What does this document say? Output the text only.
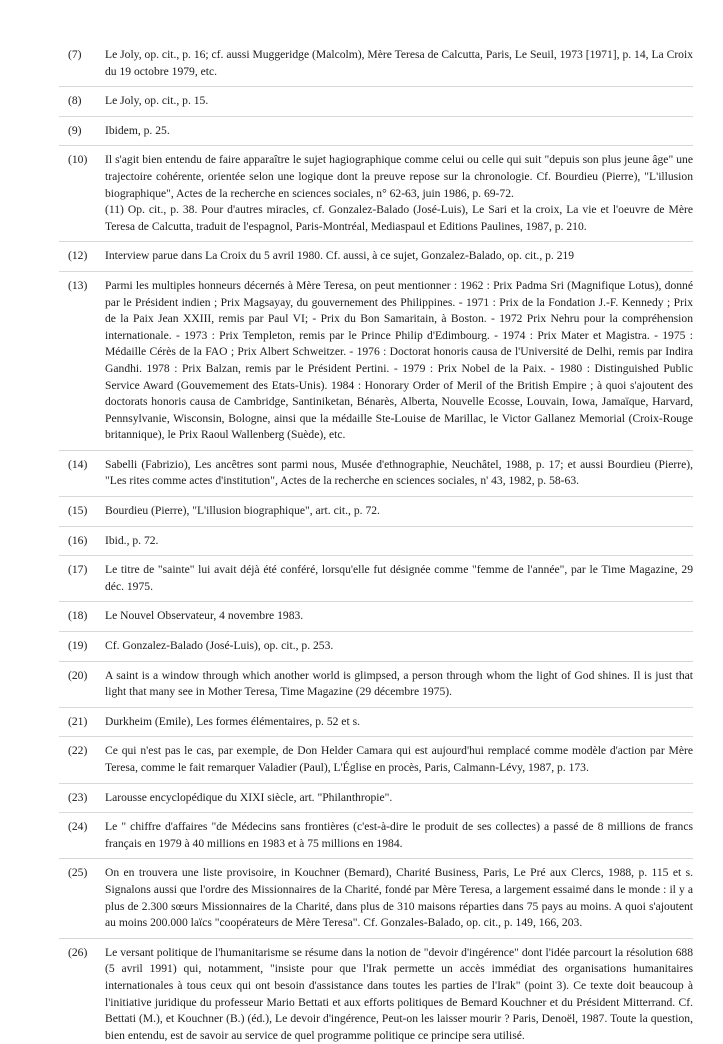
(7) Le Joly, op. cit., p. 16; cf. aussi Muggeridge (Malcolm), Mère Teresa de Calcutta, Paris, Le Seuil, 1973 [1971], p. 14, La Croix du 19 octobre 1979, etc.
(8) Le Joly, op. cit., p. 15.
(9) Ibidem, p. 25.
(10) Il s'agit bien entendu de faire apparaître le sujet hagiographique comme celui ou celle qui suit "depuis son plus jeune âge" une trajectoire cohérente, orientée selon une logique dont la preuve repose sur la chronologie. Cf. Bourdieu (Pierre), "L'illusion biographique", Actes de la recherche en sciences sociales, n° 62-63, juin 1986, p. 69-72.
(11) Op. cit., p. 38. Pour d'autres miracles, cf. Gonzalez-Balado (José-Luis), Le Sari et la croix, La vie et l'oeuvre de Mère Teresa de Calcutta, traduit de l'espagnol, Paris-Montréal, Mediaspaul et Editions Paulines, 1987, p. 210.
(12) Interview parue dans La Croix du 5 avril 1980. Cf. aussi, à ce sujet, Gonzalez-Balado, op. cit., p. 219
(13) Parmi les multiples honneurs décernés à Mère Teresa, on peut mentionner : 1962 : Prix Padma Sri (Magnifique Lotus), donné par le Président indien ; Prix Magsayay, du gouvernement des Philippines. - 1971 : Prix de la Fondation J.-F. Kennedy ; Prix de la Paix Jean XXIII, remis par Paul VI; - Prix du Bon Samaritain, à Boston. - 1972 Prix Nehru pour la compréhension internationale. - 1973 : Prix Templeton, remis par le Prince Philip d'Edimbourg. - 1974 : Prix Mater et Magistra. - 1975 : Médaille Cérès de la FAO ; Prix Albert Schweitzer. - 1976 : Doctorat honoris causa de l'Université de Delhi, remis par Indira Gandhi. 1978 : Prix Balzan, remis par le Président Pertini. - 1979 : Prix Nobel de la Paix. - 1980 : Distinguished Public Service Award (Gouvemement des Etats-Unis). 1984 : Honorary Order of Meril of the British Empire ; à quoi s'ajoutent des doctorats honoris causa de Cambridge, Santiniketan, Bénarès, Alberta, Nouvelle Ecosse, Louvain, Iowa, Jamaïque, Harvard, Pennsylvanie, Wisconsin, Bologne, ainsi que la médaille Ste-Louise de Marillac, le Victor Gallanez Memorial (Croix-Rouge britannique), le Prix Raoul Wallenberg (Suède), etc.
(14) Sabelli (Fabrizio), Les ancêtres sont parmi nous, Musée d'ethnographie, Neuchâtel, 1988, p. 17; et aussi Bourdieu (Pierre), "Les rites comme actes d'institution", Actes de la recherche en sciences sociales, n' 43, 1982, p. 58-63.
(15) Bourdieu (Pierre), "L'illusion biographique", art. cit., p. 72.
(16) Ibid., p. 72.
(17) Le titre de "sainte" lui avait déjà été conféré, lorsqu'elle fut désignée comme "femme de l'année", par le Time Magazine, 29 déc. 1975.
(18) Le Nouvel Observateur, 4 novembre 1983.
(19) Cf. Gonzalez-Balado (José-Luis), op. cit., p. 253.
(20) A saint is a window through which another world is glimpsed, a person through whom the light of God shines. Il is just that light that many see in Mother Teresa, Time Magazine (29 décembre 1975).
(21) Durkheim (Emile), Les formes élémentaires, p. 52 et s.
(22) Ce qui n'est pas le cas, par exemple, de Don Helder Camara qui est aujourd'hui remplacé comme modèle d'action par Mère Teresa, comme le fait remarquer Valadier (Paul), L'Église en procès, Paris, Calmann-Lévy, 1987, p. 173.
(23) Larousse encyclopédique du XIXI siècle, art. "Philanthropie".
(24) Le " chiffre d'affaires "de Médecins sans frontières (c'est-à-dire le produit de ses collectes) a passé de 8 millions de francs français en 1979 à 40 millions en 1983 et à 75 millions en 1984.
(25) On en trouvera une liste provisoire, in Kouchner (Bemard), Charité Business, Paris, Le Pré aux Clercs, 1988, p. 115 et s. Signalons aussi que l'ordre des Missionnaires de la Charité, fondé par Mère Teresa, a largement essaimé dans le monde : il y a plus de 2.300 sœurs Missionnaires de la Charité, dans plus de 310 maisons réparties dans 75 pays au moins. A quoi s'ajoutent au moins 200.000 laïcs "coopérateurs de Mère Teresa". Cf. Gonzales-Balado, op. cit., p. 149, 166, 203.
(26) Le versant politique de l'humanitarisme se résume dans la notion de "devoir d'ingérence" dont l'idée parcourt la résolution 688 (5 avril 1991) qui, notamment, "insiste pour que l'Irak permette un accès immédiat des organisations humanitaires internationales à tous ceux qui ont besoin d'assistance dans toutes les parties de l'Irak" (point 3). Ce texte doit beaucoup à l'initiative juridique du professeur Mario Bettati et aux efforts politiques de Bemard Kouchner et du Président Mitterrand. Cf. Bettati (M.), et Kouchner (B.) (éd.), Le devoir d'ingérence, Peut-on les laisser mourir ? Paris, Denoël, 1987. Toute la question, bien entendu, est de savoir au service de quel programme politique ce principe sera utilisé.
